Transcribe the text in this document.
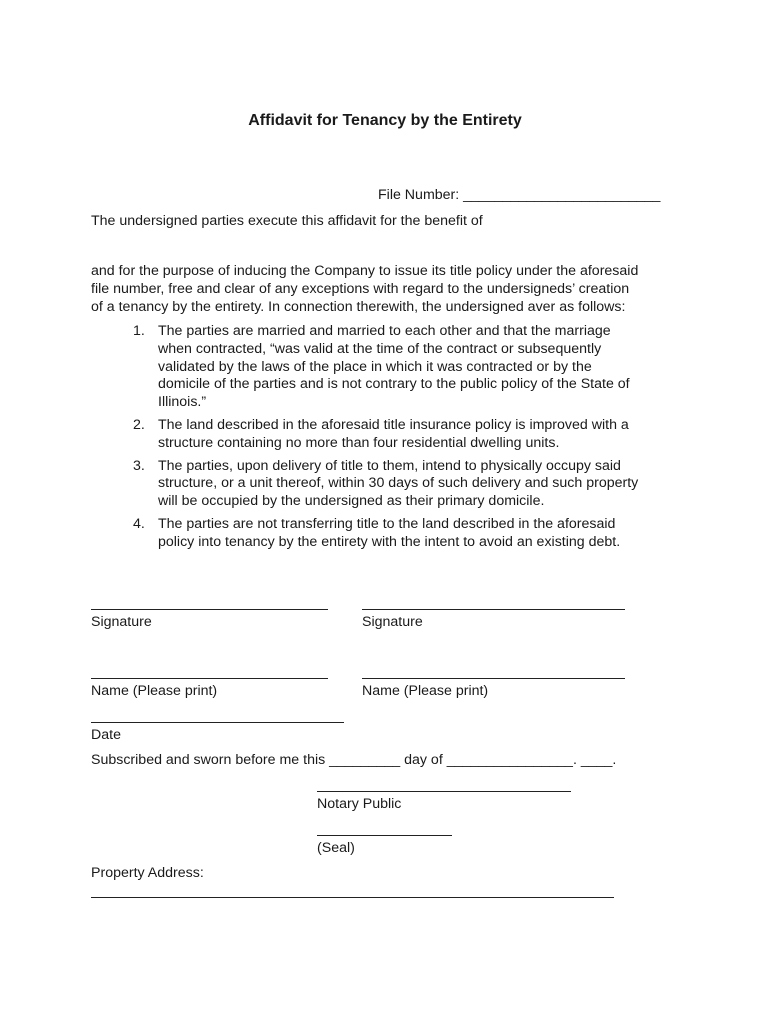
Affidavit for Tenancy by the Entirety
File Number: _________________________
The undersigned parties execute this affidavit for the benefit of

and for the purpose of inducing the Company to issue its title policy under the aforesaid
file number, free and clear of any exceptions with regard to the undersigneds’ creation
of a tenancy by the entirety. In connection therewith, the undersigned aver as follows:

1. The parties are married and married to each other and that the marriage
when contracted, “was valid at the time of the contract or subsequently
validated by the laws of the place in which it was contracted or by the
domicile of the parties and is not contrary to the public policy of the State of
Illinois.”
2. The land described in the aforesaid title insurance policy is improved with a
structure containing no more than four residential dwelling units.
3. The parties, upon delivery of title to them, intend to physically occupy said
structure, or a unit thereof, within 30 days of such delivery and such property
will be occupied by the undersigned as their primary domicile.
4. The parties are not transferring title to the land described in the aforesaid
policy into tenancy by the entirety with the intent to avoid an existing debt.
Signature	Signature
Name (Please print)	Name (Please print)
Date
Subscribed and sworn before me this _________ day of ________________. ____.
Notary Public
(Seal)
Property Address:
